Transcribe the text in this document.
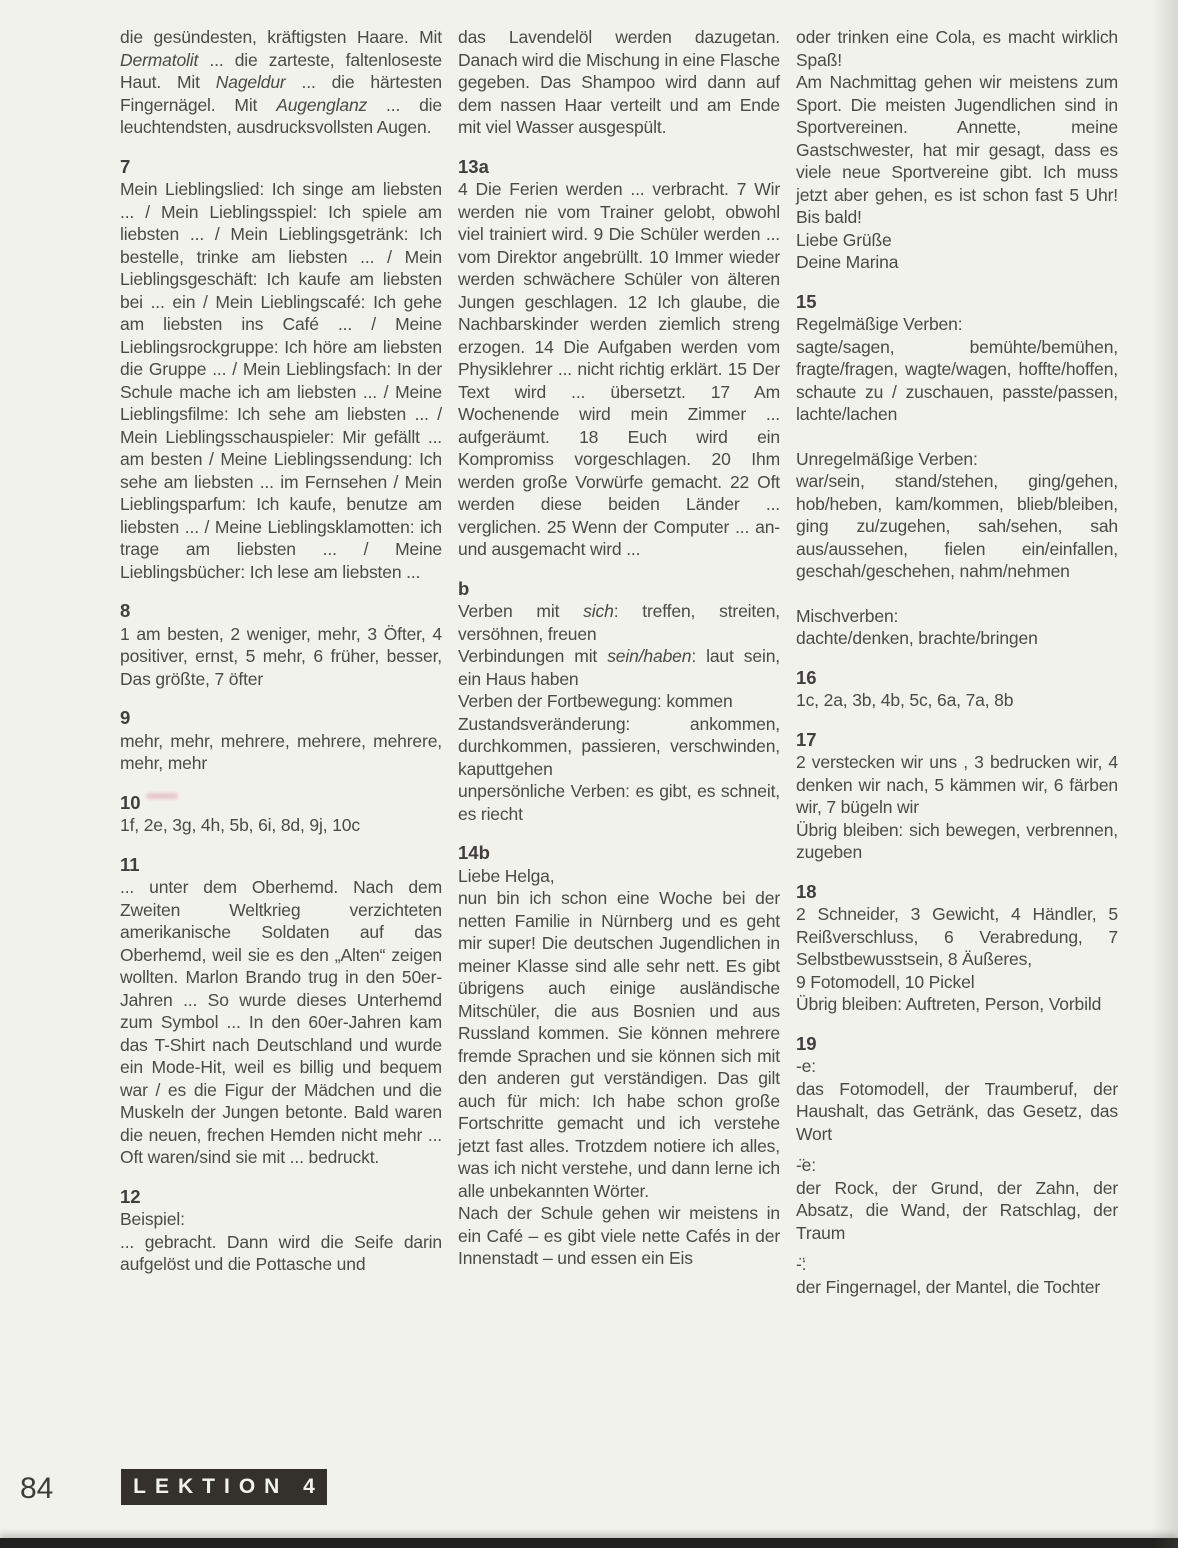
die gesündesten, kräftigsten Haare. Mit Dermatolit ... die zarteste, faltenloseste Haut. Mit Nageldur ... die härtesten Fingernägel. Mit Augenglanz ... die leuchtendsten, ausdrucksvollsten Augen.
7
Mein Lieblingslied: Ich singe am liebsten ... / Mein Lieblingsspiel: Ich spiele am liebsten ... / Mein Lieblingsgetränk: Ich bestelle, trinke am liebsten ... / Mein Lieblingsgeschäft: Ich kaufe am liebsten bei ... ein / Mein Lieblingscafé: Ich gehe am liebsten ins Café ... / Meine Lieblingsrockgruppe: Ich höre am liebsten die Gruppe ... / Mein Lieblingsfach: In der Schule mache ich am liebsten ... / Meine Lieblingsfilme: Ich sehe am liebsten ... / Mein Lieblingsschauspieler: Mir gefällt ... am besten / Meine Lieblingssendung: Ich sehe am liebsten ... im Fernsehen / Mein Lieblingsparfum: Ich kaufe, benutze am liebsten ... / Meine Lieblingsklamotten: ich trage am liebsten ... / Meine Lieblingsbücher: Ich lese am liebsten ...
8
1 am besten, 2 weniger, mehr, 3 Öfter, 4 positiver, ernst, 5 mehr, 6 früher, besser, Das größte, 7 öfter
9
mehr, mehr, mehrere, mehrere, mehrere, mehr, mehr
10
1f, 2e, 3g, 4h, 5b, 6i, 8d, 9j, 10c
11
... unter dem Oberhemd. Nach dem Zweiten Weltkrieg verzichteten amerikanische Soldaten auf das Oberhemd, weil sie es den „Alten“ zeigen wollten. Marlon Brando trug in den 50er-Jahren ... So wurde dieses Unterhemd zum Symbol ... In den 60er-Jahren kam das T-Shirt nach Deutschland und wurde ein Mode-Hit, weil es billig und bequem war / es die Figur der Mädchen und die Muskeln der Jungen betonte. Bald waren die neuen, frechen Hemden nicht mehr ... Oft waren/sind sie mit ... bedruckt.
12
Beispiel:
... gebracht. Dann wird die Seife darin aufgelöst und die Pottasche und
das Lavendelöl werden dazugetan. Danach wird die Mischung in eine Flasche gegeben. Das Shampoo wird dann auf dem nassen Haar verteilt und am Ende mit viel Wasser ausgespült.
13a
4 Die Ferien werden ... verbracht. 7 Wir werden nie vom Trainer gelobt, obwohl viel trainiert wird. 9 Die Schüler werden ... vom Direktor angebrüllt. 10 Immer wieder werden schwächere Schüler von älteren Jungen geschlagen. 12 Ich glaube, die Nachbarskinder werden ziemlich streng erzogen. 14 Die Aufgaben werden vom Physiklehrer ... nicht richtig erklärt. 15 Der Text wird ... übersetzt. 17 Am Wochenende wird mein Zimmer ... aufgeräumt. 18 Euch wird ein Kompromiss vorgeschlagen. 20 Ihm werden große Vorwürfe gemacht. 22 Oft werden diese beiden Länder ... verglichen. 25 Wenn der Computer ... an- und ausgemacht wird ...
b
Verben mit sich: treffen, streiten, versöhnen, freuen
Verbindungen mit sein/haben: laut sein, ein Haus haben
Verben der Fortbewegung: kommen
Zustandsveränderung: ankommen, durchkommen, passieren, verschwinden, kaputtgehen
unpersönliche Verben: es gibt, es schneit, es riecht
14b
Liebe Helga,
nun bin ich schon eine Woche bei der netten Familie in Nürnberg und es geht mir super! Die deutschen Jugendlichen in meiner Klasse sind alle sehr nett. Es gibt übrigens auch einige ausländische Mitschüler, die aus Bosnien und aus Russland kommen. Sie können mehrere fremde Sprachen und sie können sich mit den anderen gut verständigen. Das gilt auch für mich: Ich habe schon große Fortschritte gemacht und ich verstehe jetzt fast alles. Trotzdem notiere ich alles, was ich nicht verstehe, und dann lerne ich alle unbekannten Wörter.
Nach der Schule gehen wir meistens in ein Café – es gibt viele nette Cafés in der Innenstadt – und essen ein Eis
oder trinken eine Cola, es macht wirklich Spaß!
Am Nachmittag gehen wir meistens zum Sport. Die meisten Jugendlichen sind in Sportvereinen. Annette, meine Gastschwester, hat mir gesagt, dass es viele neue Sportvereine gibt. Ich muss jetzt aber gehen, es ist schon fast 5 Uhr! Bis bald!
Liebe Grüße
Deine Marina
15
Regelmäßige Verben:
sagte/sagen, bemühte/bemühen, fragte/fragen, wagte/wagen, hoffte/hoffen, schaute zu / zuschauen, passte/passen, lachte/lachen
Unregelmäßige Verben:
war/sein, stand/stehen, ging/gehen, hob/heben, kam/kommen, blieb/bleiben, ging zu/zugehen, sah/sehen, sah aus/aussehen, fielen ein/einfallen, geschah/geschehen, nahm/nehmen
Mischverben:
dachte/denken, brachte/bringen
16
1c, 2a, 3b, 4b, 5c, 6a, 7a, 8b
17
2 verstecken wir uns , 3 bedrucken wir, 4 denken wir nach, 5 kämmen wir, 6 färben wir, 7 bügeln wir
Übrig bleiben: sich bewegen, verbrennen, zugeben
18
2 Schneider, 3 Gewicht, 4 Händler, 5 Reißverschluss, 6 Verabredung, 7 Selbstbewusstsein, 8 Äußeres,
9 Fotomodell, 10 Pickel
Übrig bleiben: Auftreten, Person, Vorbild
19
-e:
das Fotomodell, der Traumberuf, der Haushalt, das Getränk, das Gesetz, das Wort
-̈e:
der Rock, der Grund, der Zahn, der Absatz, die Wand, der Ratschlag, der Traum
-̈:
der Fingernagel, der Mantel, die Tochter
84	LEKTION 4
